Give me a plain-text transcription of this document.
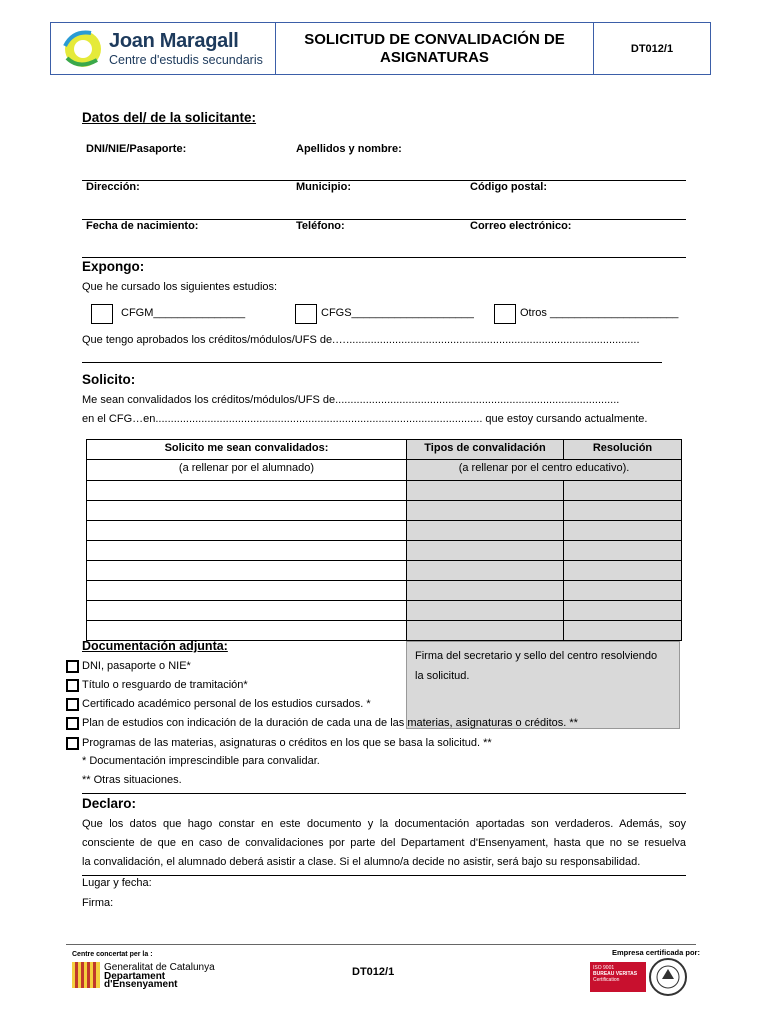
Joan Maragall
Centre d'estudis secundaris
SOLICITUD DE CONVALIDACIÓN DE
ASIGNATURAS	DT012/1
Datos del/ de la solicitante:
DNI/NIE/Pasaporte:	Apellidos y nombre:
Dirección:	Municipio:	Código postal:
Fecha de nacimiento:	Teléfono:	Correo electrónico:
Expongo:
Que he cursado los siguientes estudios:
CFGM_______________	CFGS____________________	Otros _____________________
Que tengo aprobados los créditos/módulos/UFS de.…................................................................................................
Solicito:
Me sean convalidados los créditos/módulos/UFS de.............................................................................................
en el CFG…en........................................................................................................... que estoy cursando actualmente.
Solicito me sean convalidados:	Tipos de convalidación	Resolución
(a rellenar por el alumnado)	(a rellenar por el centro educativo).
Documentación adjunta:
Firma del secretario y sello del centro resolviendo
la solicitud.
DNI, pasaporte o NIE*
Título o resguardo de tramitación*
Certificado académico personal de los estudios cursados. *
Plan de estudios con indicación de la duración de cada una de las materias, asignaturas o créditos. **
Programas de las materias, asignaturas o créditos en los que se basa la solicitud. **
* Documentación imprescindible para convalidar.
** Otras situaciones.
Declaro:
Que los datos que hago constar en este documento y la documentación aportadas son verdaderos. Además, soy
consciente de que en caso de convalidaciones por parte del Departament d'Ensenyament, hasta que no se resuelva
la convalidación, el alumnado deberá asistir a clase. Si el alumno/a decide no asistir, será bajo su responsabilidad.
Lugar y fecha:
Firma:
Centre concertat per la :
Generalitat de Catalunya
Departament
d'Ensenyament
DT012/1
Empresa certificada por:
ISO 9001
BUREAU VERITAS
Certification
